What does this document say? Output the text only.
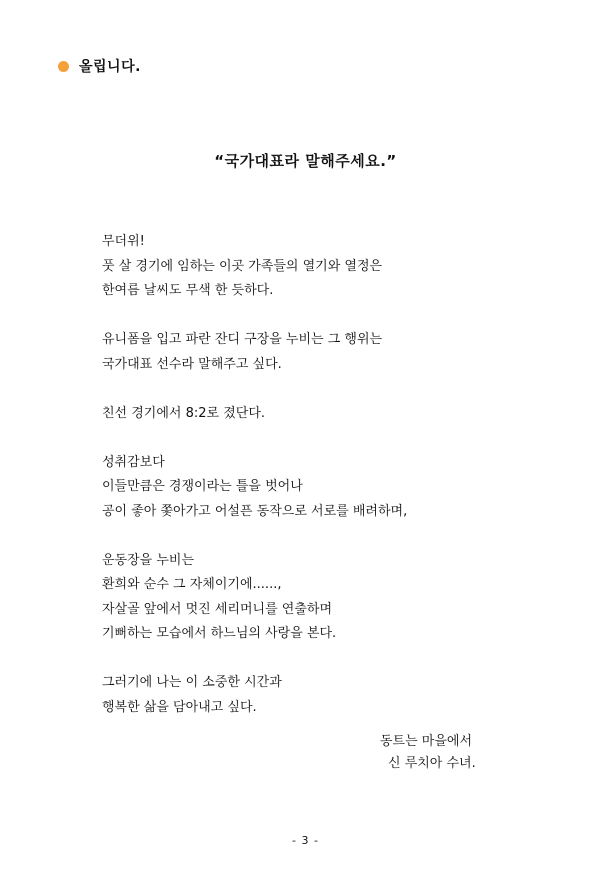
올립니다.
“국가대표라 말해주세요.”
무더위!
풋 살 경기에 임하는 이곳 가족들의 열기와 열정은
한여름 날씨도 무색 한 듯하다.
유니폼을 입고 파란 잔디 구장을 누비는 그 행위는
국가대표 선수라 말해주고 싶다.
친선 경기에서 8:2로 졌단다.
성취감보다
이들만큼은 경쟁이라는 틀을 벗어나
공이 좋아 쫓아가고 어설픈 동작으로 서로를 배려하며,
운동장을 누비는
환희와 순수 그 자체이기에......,
자살골 앞에서 멋진 세리머니를 연출하며
기뻐하는 모습에서 하느님의 사랑을 본다.
그러기에 나는 이 소중한 시간과
행복한 삶을 담아내고 싶다.
동트는 마을에서
신 루치아 수녀.
- 3 -
